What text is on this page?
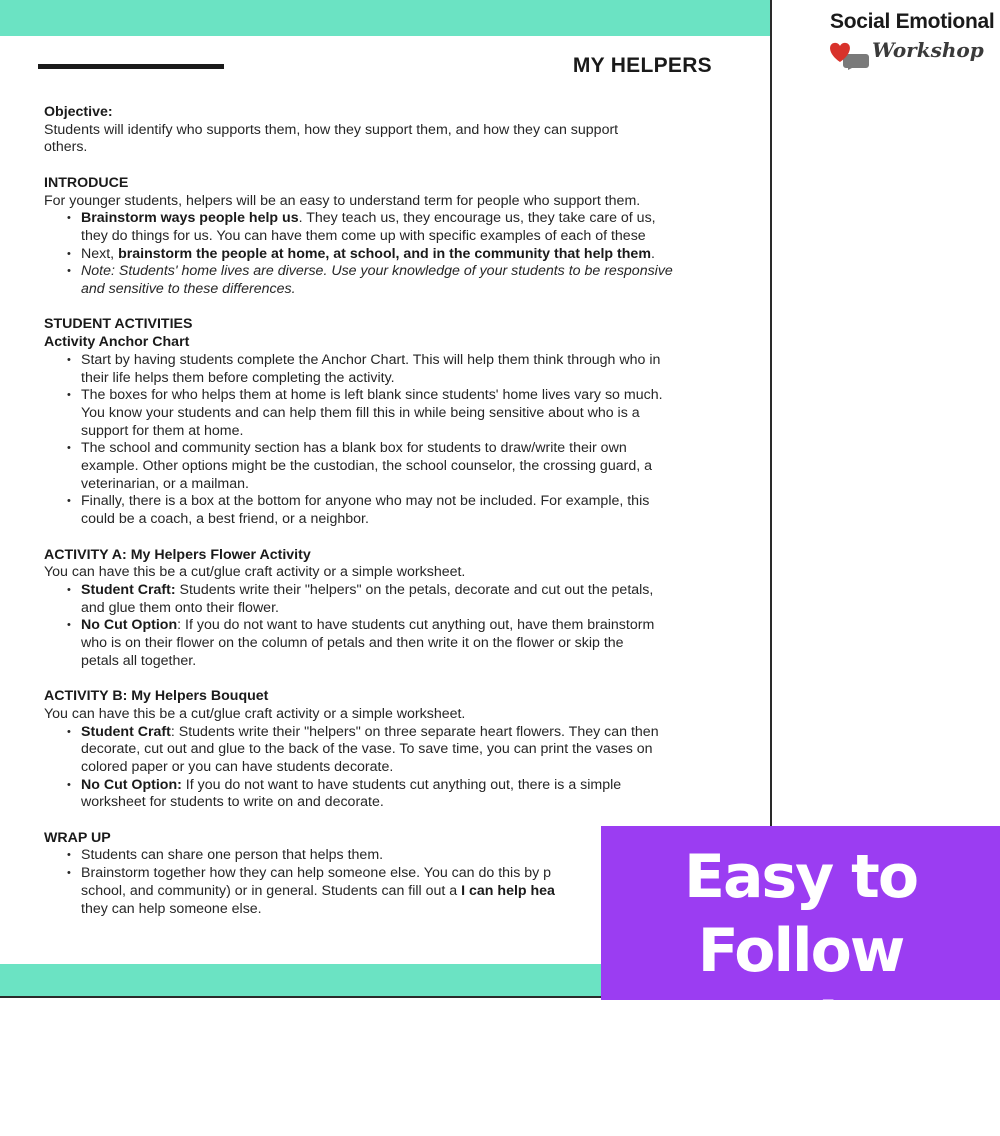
MY HELPERS

Objective:

Students will identify who supports them, how they support them, and how they can support

others.

INTRODUCE

For younger students, helpers will be an easy to understand term for people who support them.

• Brainstorm ways people help us. They teach us, they encourage us, they take care of us,
they do things for us. You can have them come up with specific examples of each of these
• Next, brainstorm the people at home, at school, and in the community that help them.
• Note: Students' home lives are diverse. Use your knowledge of your students to be responsive
and sensitive to these differences.

STUDENT ACTIVITIES

Activity Anchor Chart

• Start by having students complete the Anchor Chart. This will help them think through who in
their life helps them before completing the activity.
• The boxes for who helps them at home is left blank since students' home lives vary so much.
You know your students and can help them fill this in while being sensitive about who is a
support for them at home.
• The school and community section has a blank box for students to draw/write their own
example. Other options might be the custodian, the school counselor, the crossing guard, a
veterinarian, or a mailman.
• Finally, there is a box at the bottom for anyone who may not be included. For example, this
could be a coach, a best friend, or a neighbor.

ACTIVITY A: My Helpers Flower Activity

You can have this be a cut/glue craft activity or a simple worksheet.

• Student Craft: Students write their "helpers" on the petals, decorate and cut out the petals,
and glue them onto their flower.
• No Cut Option: If you do not want to have students cut anything out, have them brainstorm
who is on their flower on the column of petals and then write it on the flower or skip the
petals all together.

ACTIVITY B: My Helpers Bouquet

You can have this be a cut/glue craft activity or a simple worksheet.

• Student Craft: Students write their "helpers" on three separate heart flowers. They can then
decorate, cut out and glue to the back of the vase. To save time, you can print the vases on
colored paper or you can have students decorate.
• No Cut Option: If you do not want to have students cut anything out, there is a simple
worksheet for students to write on and decorate.

WRAP UP

• Students can share one person that helps them.
• Brainstorm together how they can help someone else. You can do this by p
school, and community) or in general. Students can fill out a I can help hea
they can help someone else.
Social Emotional
Workshop
Easy to Follow
Teacher Guide
